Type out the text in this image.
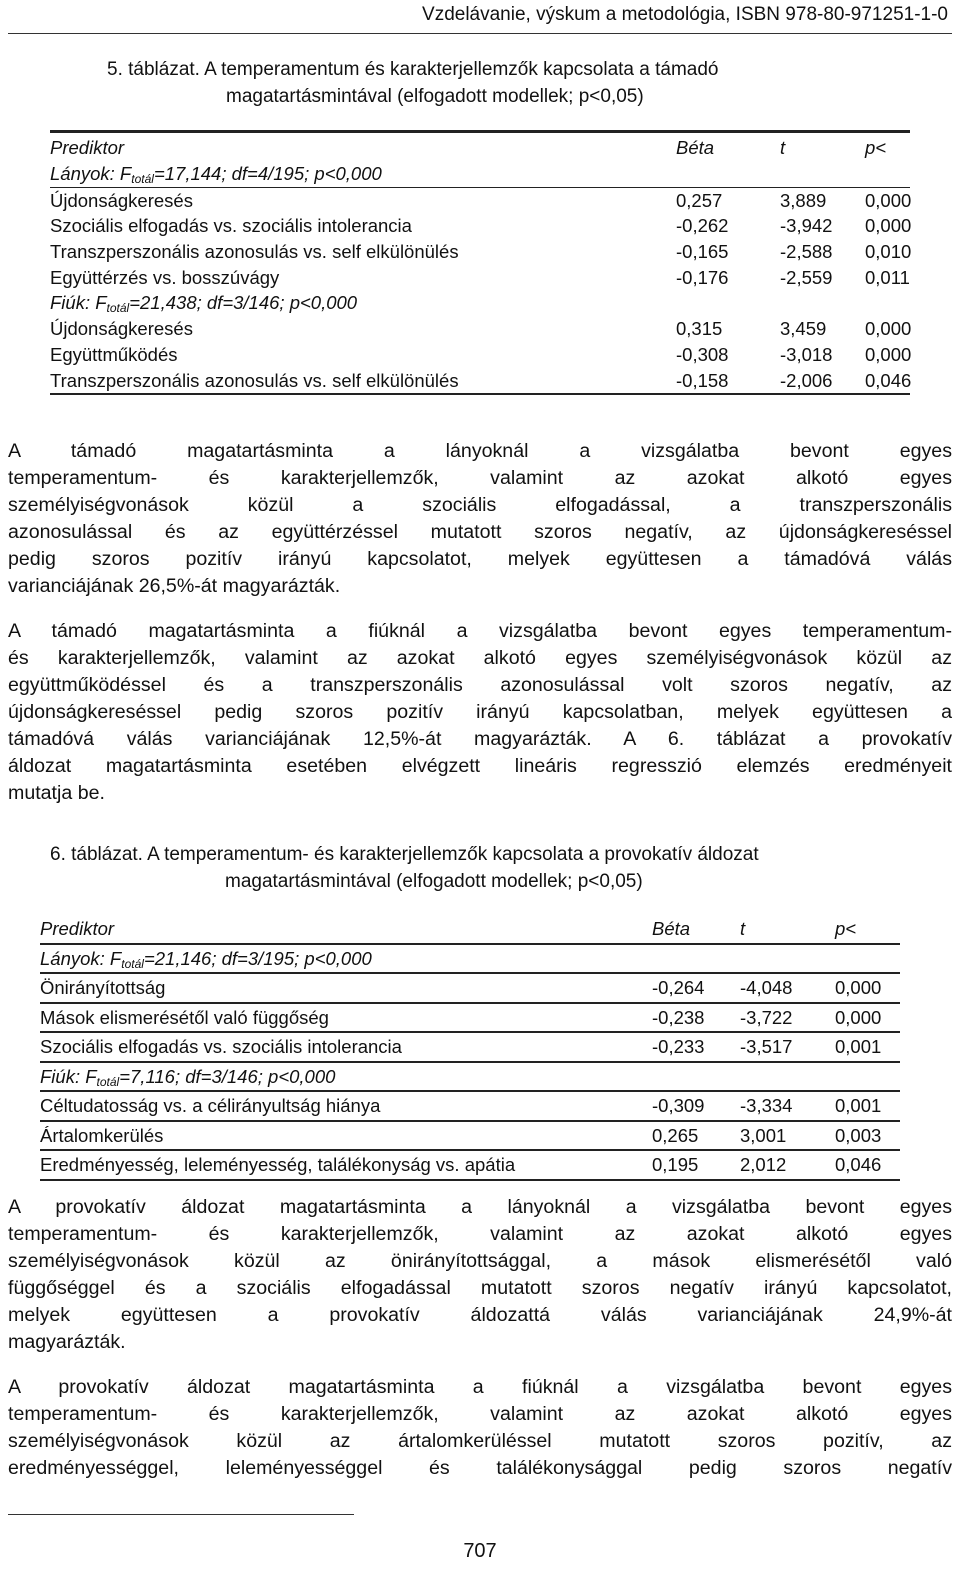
Vzdelávanie, výskum a metodológia, ISBN 978-80-971251-1-0
5. táblázat. A temperamentum és karakterjellemzők kapcsolata a támadó
magatartásmintával (elfogadott modellek; p<0,05)
Prediktor	Béta	t	p<
Lányok: $F_{totál}=17,144$; df=4/195; p<0,000
Újdonságkeresés	0,257	3,889	0,000
Szociális elfogadás vs. szociális intolerancia	-0,262	-3,942	0,000
Transzperszonális azonosulás vs. self elkülönülés	-0,165	-2,588	0,010
Együttérzés vs. bosszúvágy	-0,176	-2,559	0,011
Fiúk: $F_{totál}=21,438$; df=3/146; p<0,000
Újdonságkeresés	0,315	3,459	0,000
Együttműködés	-0,308	-3,018	0,000
Transzperszonális azonosulás vs. self elkülönülés	-0,158	-2,006	0,046
A támadó magatartásminta a lányoknál a vizsgálatba bevont egyes
temperamentum- és karakterjellemzők, valamint az azokat alkotó egyes
személyiségvonások közül a szociális elfogadással, a transzperszonális
azonosulással és az együttérzéssel mutatott szoros negatív, az újdonságkereséssel
pedig szoros pozitív irányú kapcsolatot, melyek együttesen a támadóvá válás
varianciájának 26,5%-át magyarázták.
A támadó magatartásminta a fiúknál a vizsgálatba bevont egyes temperamentum-
és karakterjellemzők, valamint az azokat alkotó egyes személyiségvonások közül az
együttműködéssel és a transzperszonális azonosulással volt szoros negatív, az
újdonságkereséssel pedig szoros pozitív irányú kapcsolatban, melyek együttesen a
támadóvá válás varianciájának 12,5%-át magyarázták. A 6. táblázat a provokatív
áldozat magatartásminta esetében elvégzett lineáris regresszió elemzés eredményeit
mutatja be.
6. táblázat. A temperamentum- és karakterjellemzők kapcsolata a provokatív áldozat
magatartásmintával (elfogadott modellek; p<0,05)
Prediktor	Béta	t	p<
Lányok: $F_{totál}=21,146$; df=3/195; p<0,000
Önirányítottság	-0,264	-4,048	0,000
Mások elismerésétől való függőség	-0,238	-3,722	0,000
Szociális elfogadás vs. szociális intolerancia	-0,233	-3,517	0,001
Fiúk: $F_{totál}=7,116$; df=3/146; p<0,000
Céltudatosság vs. a célirányultság hiánya	-0,309	-3,334	0,001
Ártalomkerülés	0,265	3,001	0,003
Eredményesség, leleményesség, találékonyság vs. apátia	0,195	2,012	0,046
A provokatív áldozat magatartásminta a lányoknál a vizsgálatba bevont egyes
temperamentum- és karakterjellemzők, valamint az azokat alkotó egyes
személyiségvonások közül az önirányítottsággal, a mások elismerésétől való
függőséggel és a szociális elfogadással mutatott szoros negatív irányú kapcsolatot,
melyek együttesen a provokatív áldozattá válás varianciájának 24,9%-át
magyarázták.
A provokatív áldozat magatartásminta a fiúknál a vizsgálatba bevont egyes
temperamentum- és karakterjellemzők, valamint az azokat alkotó egyes
személyiségvonások közül az ártalomkerüléssel mutatott szoros pozitív, az
eredményességgel, leleményességgel és találékonysággal pedig szoros negatív
707
